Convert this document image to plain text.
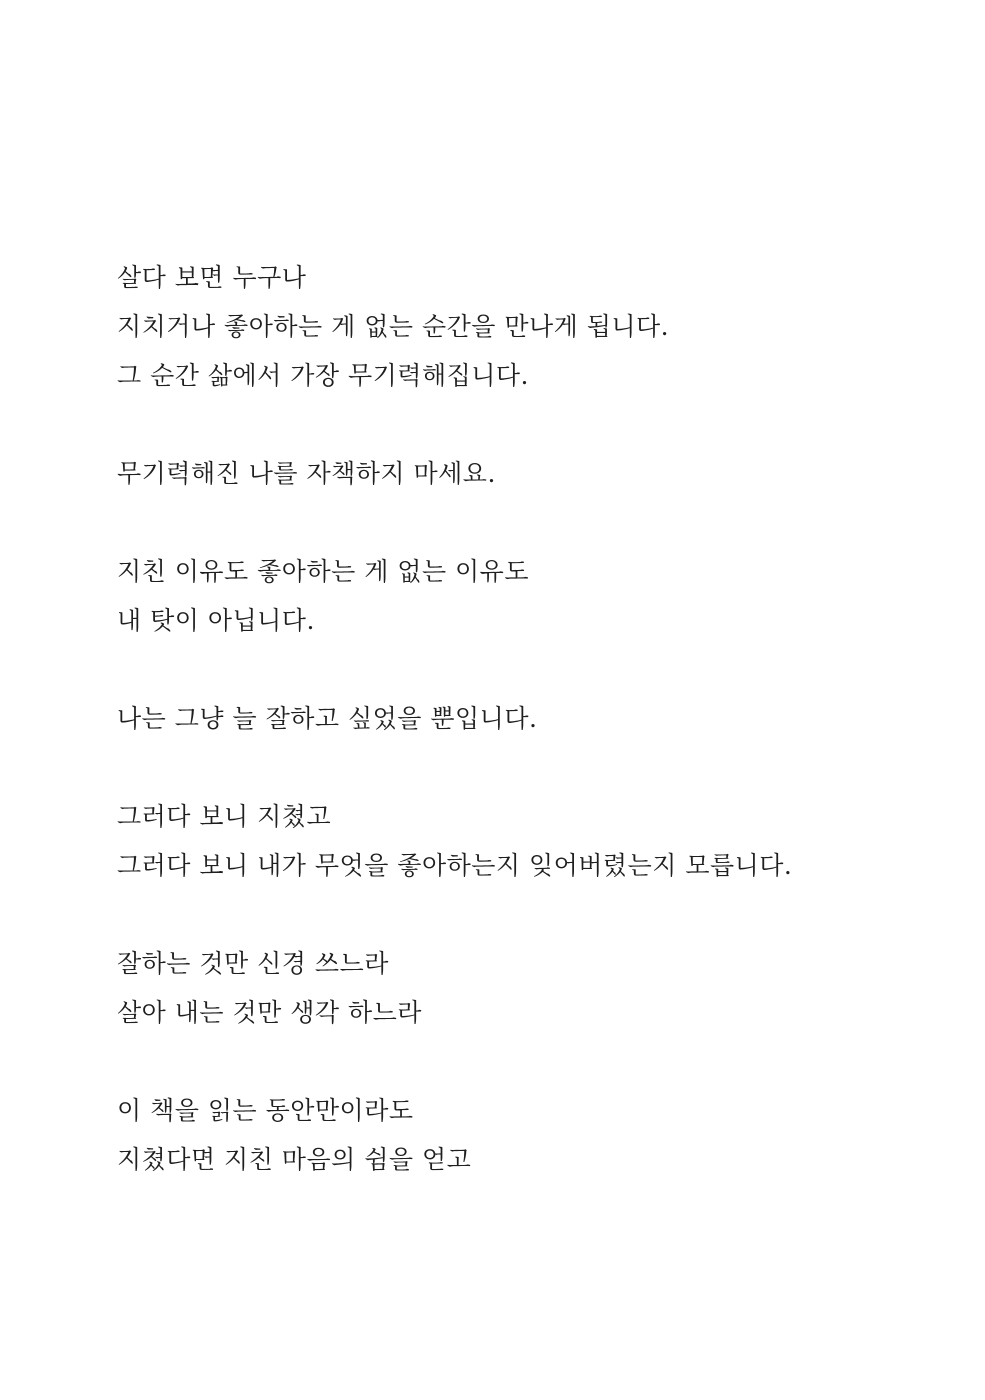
살다 보면 누구나

지치거나 좋아하는 게 없는 순간을 만나게 됩니다.

그 순간 삶에서 가장 무기력해집니다.

무기력해진 나를 자책하지 마세요.

지친 이유도 좋아하는 게 없는 이유도

내 탓이 아닙니다.

나는 그냥 늘 잘하고 싶었을 뿐입니다.

그러다 보니 지쳤고

그러다 보니 내가 무엇을 좋아하는지 잊어버렸는지 모릅니다.

잘하는 것만 신경 쓰느라

살아 내는 것만 생각 하느라

이 책을 읽는 동안만이라도

지쳤다면 지친 마음의 쉼을 얻고
